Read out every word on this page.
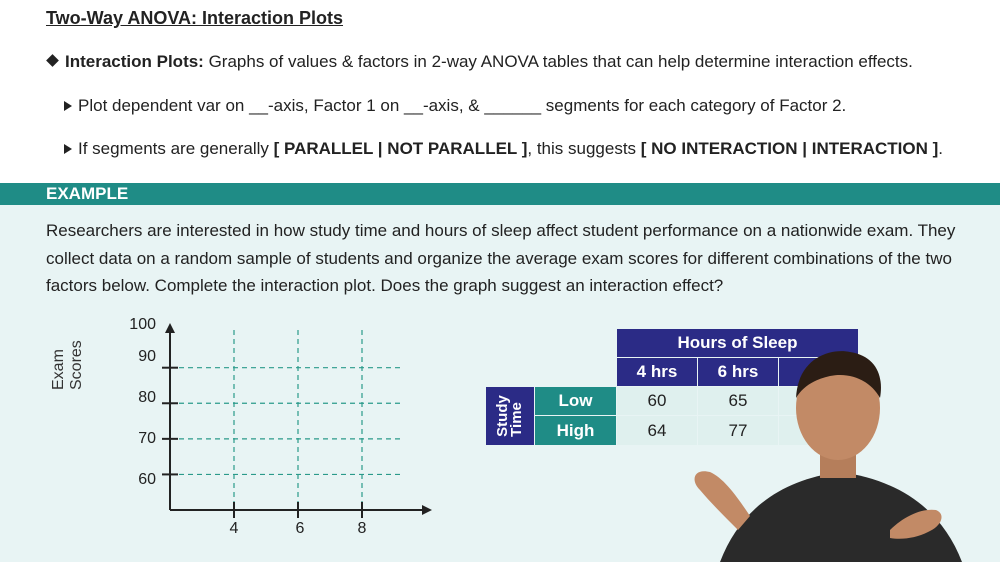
Two-Way ANOVA: Interaction Plots
Interaction Plots: Graphs of values & factors in 2-way ANOVA tables that can help determine interaction effects.
Plot dependent var on __-axis, Factor 1 on __-axis, & ______ segments for each category of Factor 2.
If segments are generally [ PARALLEL | NOT PARALLEL ], this suggests [ NO INTERACTION | INTERACTION ].
EXAMPLE
Researchers are interested in how study time and hours of sleep affect student performance on a nationwide exam. They collect data on a random sample of students and organize the average exam scores for different combinations of the two factors below. Complete the interaction plot. Does the graph suggest an interaction effect?
Exam Scores
100
90
80
70
60
4	6	8
Hours of Sleep
4 hrs	6 hrs
Study
Time
Low	60	65
High	64	77
